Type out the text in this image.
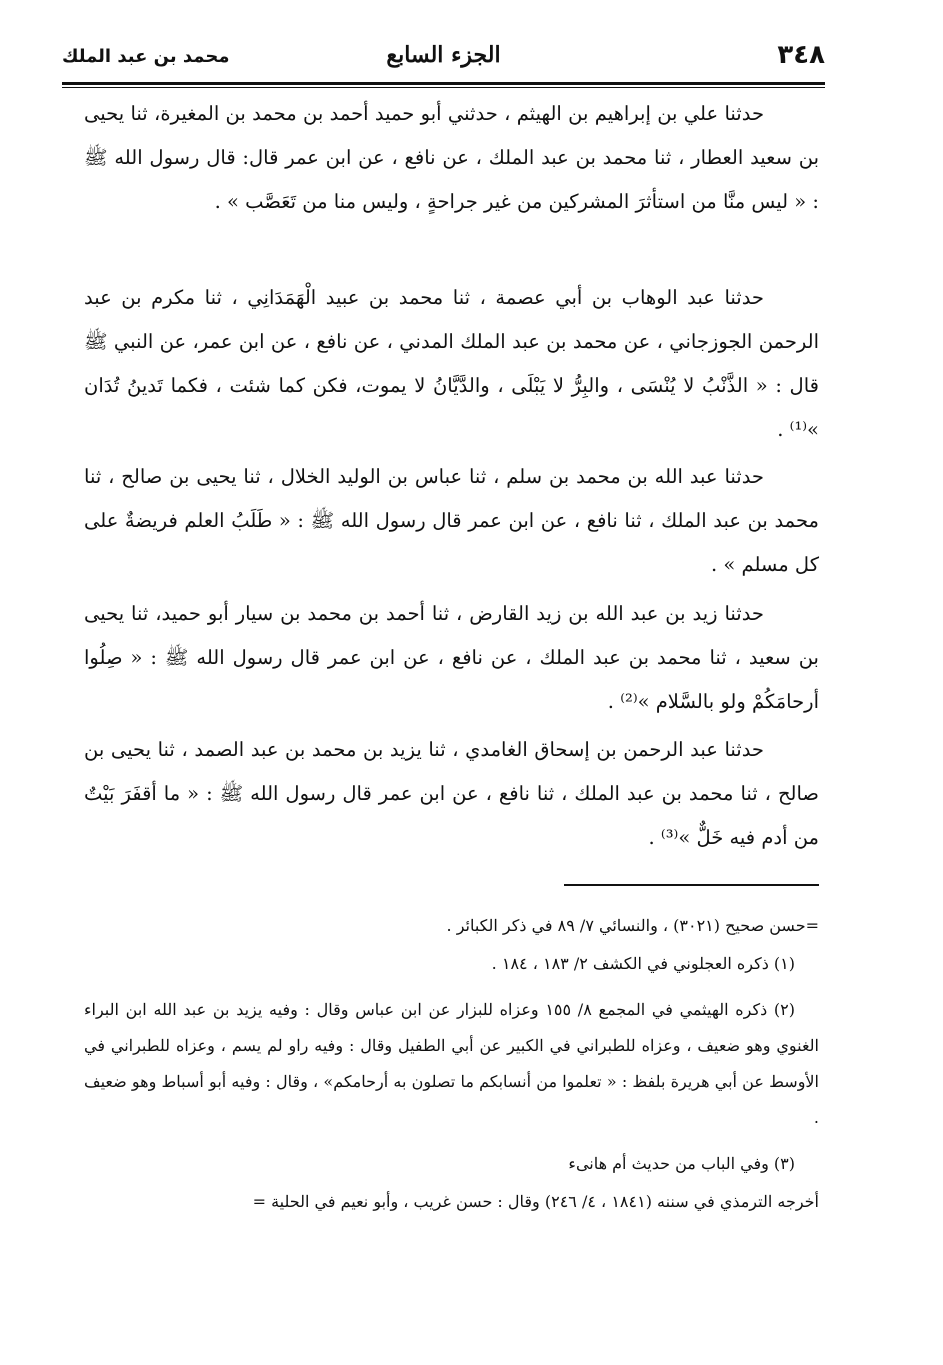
٣٤٨
الجزء السابع
محمد بن عبد الملك

حدثنا علي بن إبراهيم بن الهيثم ، حدثني أبو حميد أحمد بن محمد بن المغيرة، ثنا يحيى بن سعيد العطار ، ثنا محمد بن عبد الملك ، عن نافع ، عن ابن عمر قال: قال رسول الله ﷺ : « ليس منَّا من استأثرَ المشركين من غير جراحةٍ ، وليس منا من تَعَصَّب » .

حدثنا عبد الوهاب بن أبي عصمة ، ثنا محمد بن عبيد الْهَمَدَانِي ، ثنا مكرم بن عبد الرحمن الجوزجاني ، عن محمد بن عبد الملك المدني ، عن نافع ، عن ابن عمر، عن النبي ﷺ قال : « الذَّنْبُ لا يُنْسَى ، والبِرُّ لا يَبْلَى ، والدَّيَّانُ لا يموت، فكن كما شئت ، فكما تَدينُ تُدَان »⁽¹⁾ .

حدثنا عبد الله بن محمد بن سلم ، ثنا عباس بن الوليد الخلال ، ثنا يحيى بن صالح ، ثنا محمد بن عبد الملك ، ثنا نافع ، عن ابن عمر قال رسول الله ﷺ : « طَلَبُ العلم فريضةٌ على كل مسلم » .

حدثنا زيد بن عبد الله بن زيد القارض ، ثنا أحمد بن محمد بن سيار أبو حميد، ثنا يحيى بن سعيد ، ثنا محمد بن عبد الملك ، عن نافع ، عن ابن عمر قال رسول الله ﷺ : « صِلُوا أرحامَكُمْ ولو بالسَّلام »⁽²⁾ .

حدثنا عبد الرحمن بن إسحاق الغامدي ، ثنا يزيد بن محمد بن عبد الصمد ، ثنا يحيى بن صالح ، ثنا محمد بن عبد الملك ، ثنا نافع ، عن ابن عمر قال رسول الله ﷺ : « ما أقفَرَ بَيْتٌ من أدم فيه خَلٌّ »⁽³⁾ .

=حسن صحيح (٣٠٢١) ، والنسائي ٧/ ٨٩ في ذكر الكبائر .

(١) ذكره العجلوني في الكشف ٢/ ١٨٣ ، ١٨٤ .

(٢) ذكره الهيثمي في المجمع ٨/ ١٥٥ وعزاه للبزار عن ابن عباس وقال : وفيه يزيد بن عبد الله ابن البراء الغنوي وهو ضعيف ، وعزاه للطبراني في الكبير عن أبي الطفيل وقال : وفيه راو لم يسم ، وعزاه للطبراني في الأوسط عن أبي هريرة بلفظ : « تعلموا من أنسابكم ما تصلون به أرحامكم» ، وقال : وفيه أبو أسباط وهو ضعيف .

(٣) وفي الباب من حديث أم هانىء

أخرجه الترمذي في سننه (١٨٤١ ، ٤/ ٢٤٦) وقال : حسن غريب ، وأبو نعيم في الحلية =
